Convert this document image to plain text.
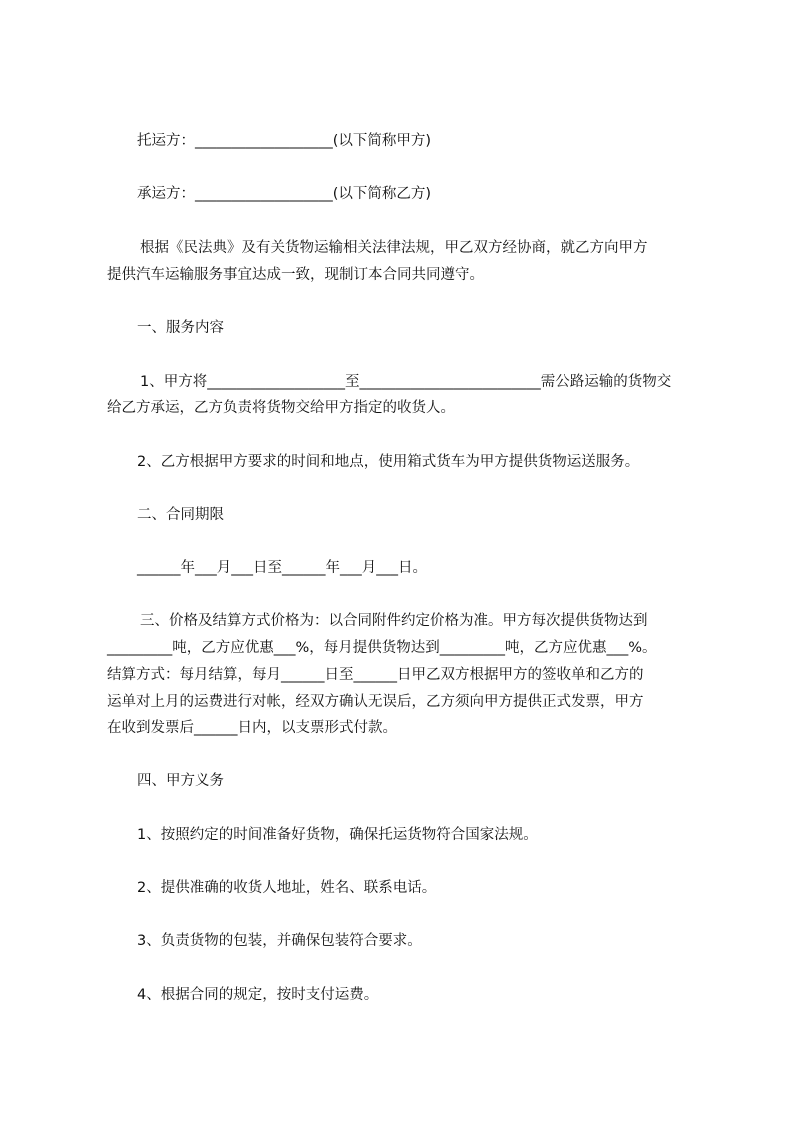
托运方：___________________(以下简称甲方)
承运方：___________________(以下简称乙方)
根据《民法典》及有关货物运输相关法律法规，甲乙双方经协商，就乙方向甲方
提供汽车运输服务事宜达成一致，现制订本合同共同遵守。
一、服务内容
1、甲方将___________________至_________________________需公路运输的货物交
给乙方承运，乙方负责将货物交给甲方指定的收货人。
2、乙方根据甲方要求的时间和地点，使用箱式货车为甲方提供货物运送服务。
二、合同期限
______年___月___日至______年___月___日。
三、价格及结算方式价格为：以合同附件约定价格为准。甲方每次提供货物达到
_________吨，乙方应优惠___%，每月提供货物达到_________吨，乙方应优惠___%。
结算方式：每月结算，每月______日至______日甲乙双方根据甲方的签收单和乙方的
运单对上月的运费进行对帐，经双方确认无误后，乙方须向甲方提供正式发票，甲方
在收到发票后______日内，以支票形式付款。
四、甲方义务
1、按照约定的时间准备好货物，确保托运货物符合国家法规。
2、提供准确的收货人地址，姓名、联系电话。
3、负责货物的包装，并确保包装符合要求。
4、根据合同的规定，按时支付运费。
